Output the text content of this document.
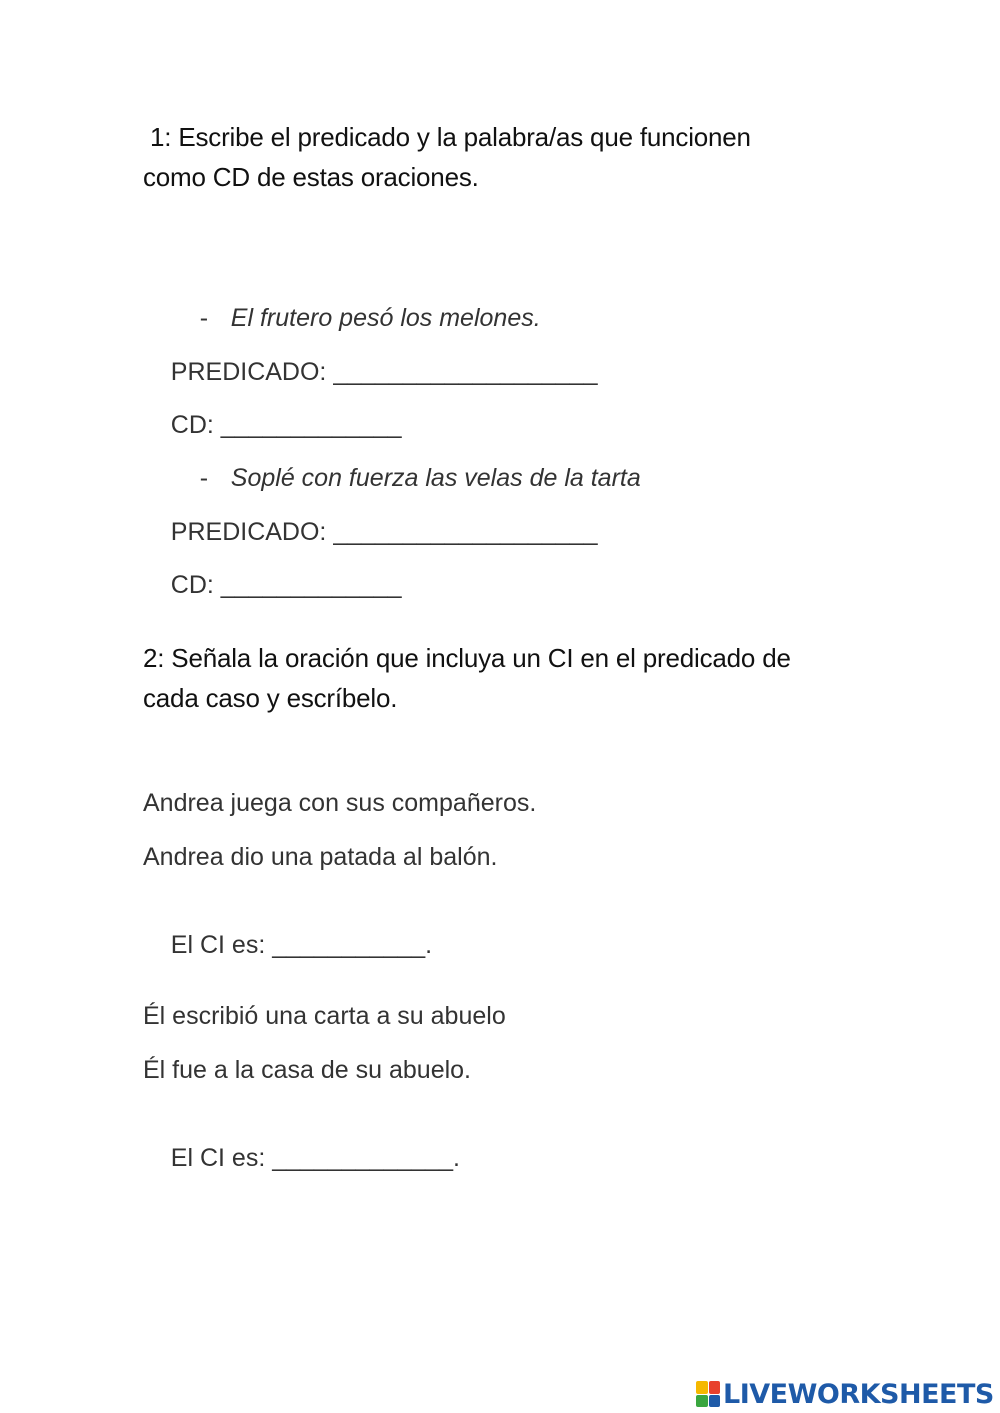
1: Escribe el predicado y la palabra/as que funcionen
como CD de estas oraciones.

- El frutero pesó los melones.

PREDICADO: ___________________

CD: _____________

- Soplé con fuerza las velas de la tarta

PREDICADO: ___________________

CD: _____________

2: Señala la oración que incluya un CI en el predicado de
cada caso y escríbelo.
Andrea juega con sus compañeros.
Andrea dio una patada al balón.

El CI es: ___________.

Él escribió una carta a su abuelo
Él fue a la casa de su abuelo.

El CI es: _____________.

LIVEWORKSHEETS
